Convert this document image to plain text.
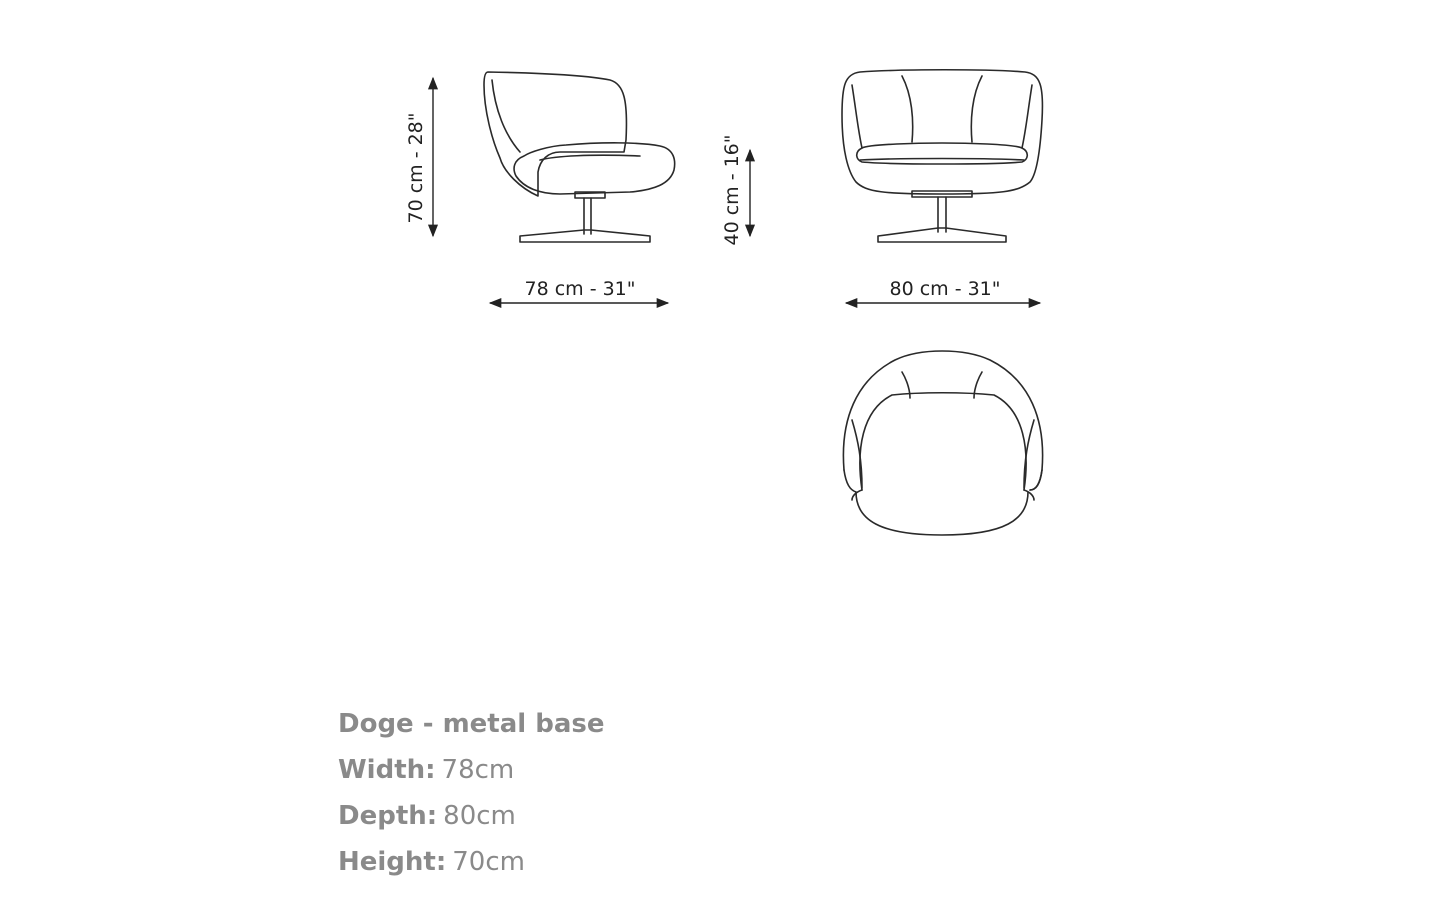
70 cm - 28"
78 cm - 31"
40 cm - 16"
80 cm - 31"
Doge - metal base
Width: 78cm
Depth: 80cm
Height: 70cm
